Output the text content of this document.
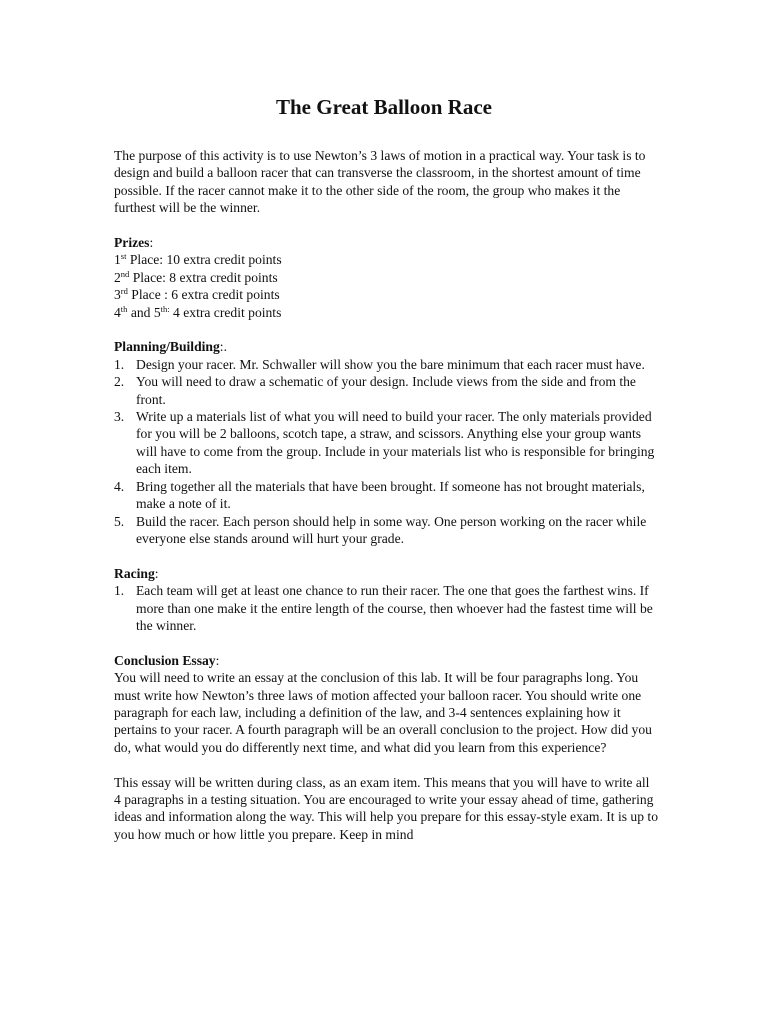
The Great Balloon Race

The purpose of this activity is to use Newton’s 3 laws of motion in a practical way. Your task is to design and build a balloon racer that can transverse the classroom, in the shortest amount of time possible. If the racer cannot make it to the other side of the room, the group who makes it the furthest will be the winner.

Prizes:

1st Place: 10 extra credit points

2nd Place: 8 extra credit points

3rd Place : 6 extra credit points

4th and $5^{th:}$ 4 extra credit points

Planning/Building:.

1. Design your racer. Mr. Schwaller will show you the bare minimum that each racer must have.
2. You will need to draw a schematic of your design. Include views from the side and from the front.
3. Write up a materials list of what you will need to build your racer. The only materials provided for you will be 2 balloons, scotch tape, a straw, and scissors. Anything else your group wants will have to come from the group. Include in your materials list who is responsible for bringing each item.
4. Bring together all the materials that have been brought. If someone has not brought materials, make a note of it.
5. Build the racer. Each person should help in some way. One person working on the racer while everyone else stands around will hurt your grade.

Racing:

1. Each team will get at least one chance to run their racer. The one that goes the farthest wins. If more than one make it the entire length of the course, then whoever had the fastest time will be the winner.

Conclusion Essay:

You will need to write an essay at the conclusion of this lab. It will be four paragraphs long. You must write how Newton’s three laws of motion affected your balloon racer. You should write one paragraph for each law, including a definition of the law, and 3-4 sentences explaining how it pertains to your racer. A fourth paragraph will be an overall conclusion to the project. How did you do, what would you do differently next time, and what did you learn from this experience?

This essay will be written during class, as an exam item. This means that you will have to write all 4 paragraphs in a testing situation. You are encouraged to write your essay ahead of time, gathering ideas and information along the way. This will help you prepare for this essay-style exam. It is up to you how much or how little you prepare. Keep in mind
